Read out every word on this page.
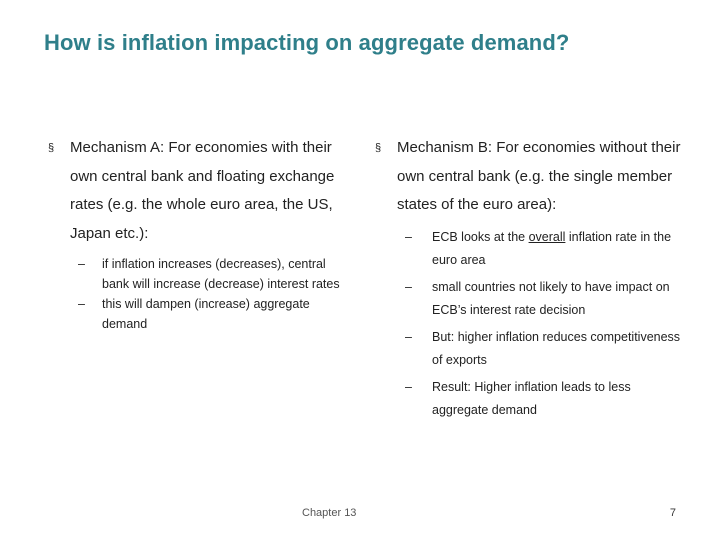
How is inflation impacting on aggregate demand?
§ Mechanism A: For economies with their own central bank and floating exchange rates (e.g. the whole euro area, the US, Japan etc.):
– if inflation increases (decreases), central bank will increase (decrease) interest rates
– this will dampen (increase) aggregate demand
§ Mechanism B: For economies without their own central bank (e.g. the single member states of the euro area):
– ECB looks at the overall inflation rate in the euro area
– small countries not likely to have impact on ECB’s interest rate decision
– But: higher inflation reduces competitiveness of exports
– Result: Higher inflation leads to less aggregate demand
Chapter 13	7
